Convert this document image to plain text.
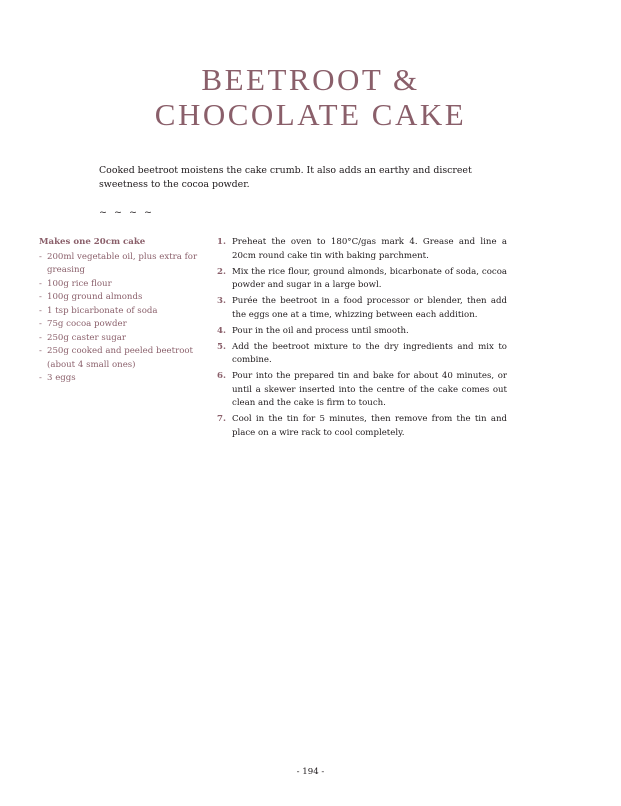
BEETROOT &
CHOCOLATE CAKE

Cooked beetroot moistens the cake crumb. It also adds an earthy and discreet sweetness to the cocoa powder.

~ ~ ~ ~

Makes one 20cm cake

- 200ml vegetable oil, plus extra for greasing
- 100g rice flour
- 100g ground almonds
- 1 tsp bicarbonate of soda
- 75g cocoa powder
- 250g caster sugar
- 250g cooked and peeled beetroot (about 4 small ones)
- 3 eggs
1. Preheat the oven to 180°C/gas mark 4. Grease and line a 20cm round cake tin with baking parchment.
2. Mix the rice flour, ground almonds, bicarbonate of soda, cocoa powder and sugar in a large bowl.
3. Purée the beetroot in a food processor or blender, then add the eggs one at a time, whizzing between each addition.
4. Pour in the oil and process until smooth.
5. Add the beetroot mixture to the dry ingredients and mix to combine.
6. Pour into the prepared tin and bake for about 40 minutes, or until a skewer inserted into the centre of the cake comes out clean and the cake is firm to touch.
7. Cool in the tin for 5 minutes, then remove from the tin and place on a wire rack to cool completely.

- 194 -
